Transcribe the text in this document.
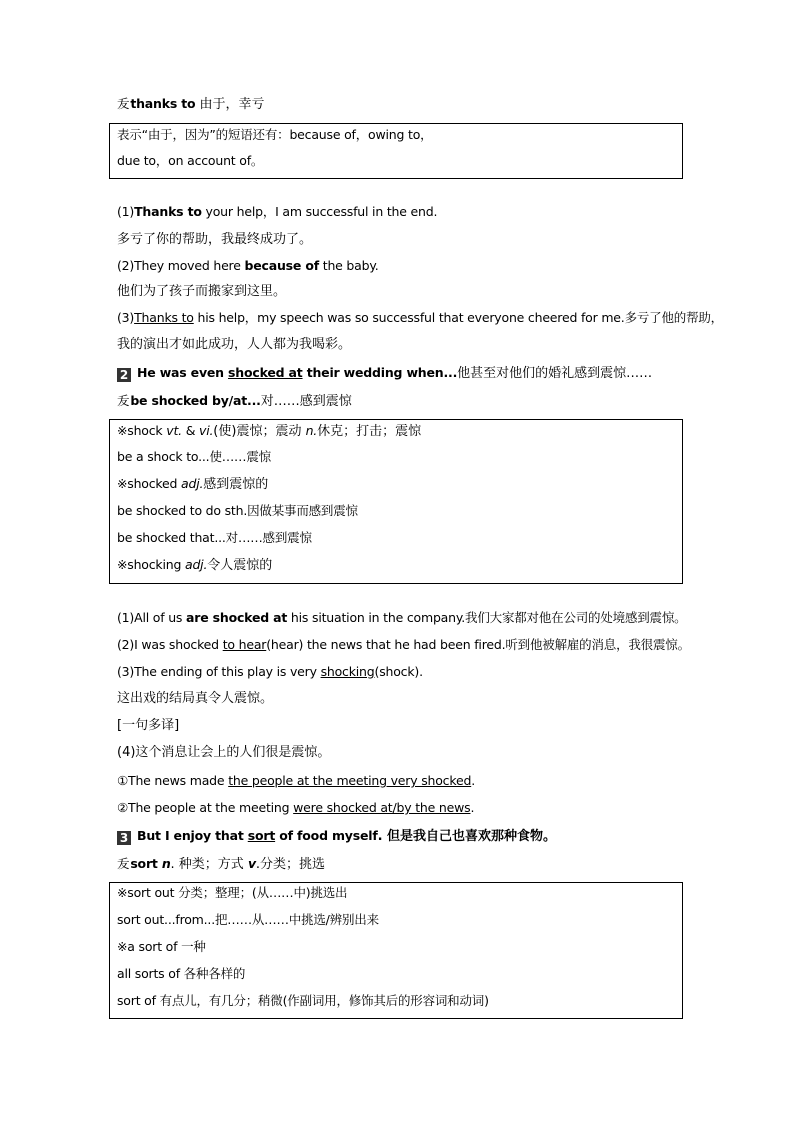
叐thanks to 由于，幸亏
表示“由于，因为”的短语还有：because of，owing to，
due to，on account of。
(1)Thanks to your help，I am successful in the end.
多亏了你的帮助，我最终成功了。
(2)They moved here because of the baby.
他们为了孩子而搬家到这里。
(3)Thanks to his help，my speech was so successful that everyone cheered for me.多亏了他的帮助，
我的演出才如此成功，人人都为我喝彩。
2 He was even shocked at their wedding when...他甚至对他们的婚礼感到震惊……
叐be shocked by/at...对……感到震惊
※shock vt. & vi.(使)震惊；震动 n.休克；打击；震惊
be a shock to...使……震惊
※shocked adj.感到震惊的
be shocked to do sth.因做某事而感到震惊
be shocked that...对……感到震惊
※shocking adj.令人震惊的
(1)All of us are shocked at his situation in the company.我们大家都对他在公司的处境感到震惊。
(2)I was shocked to hear(hear) the news that he had been fired.听到他被解雇的消息，我很震惊。
(3)The ending of this play is very shocking(shock).
这出戏的结局真令人震惊。
[一句多译]
(4)这个消息让会上的人们很是震惊。
①The news made the people at the meeting very shocked.
②The people at the meeting were shocked at/by the news.
3 But I enjoy that sort of food myself. 但是我自己也喜欢那种食物。
叐sort n. 种类；方式 v.分类；挑选
※sort out 分类；整理；(从……中)挑选出
sort out...from...把……从……中挑选/辨别出来
※a sort of 一种
all sorts of 各种各样的
sort of 有点儿，有几分；稍微(作副词用，修饰其后的形容词和动词)
